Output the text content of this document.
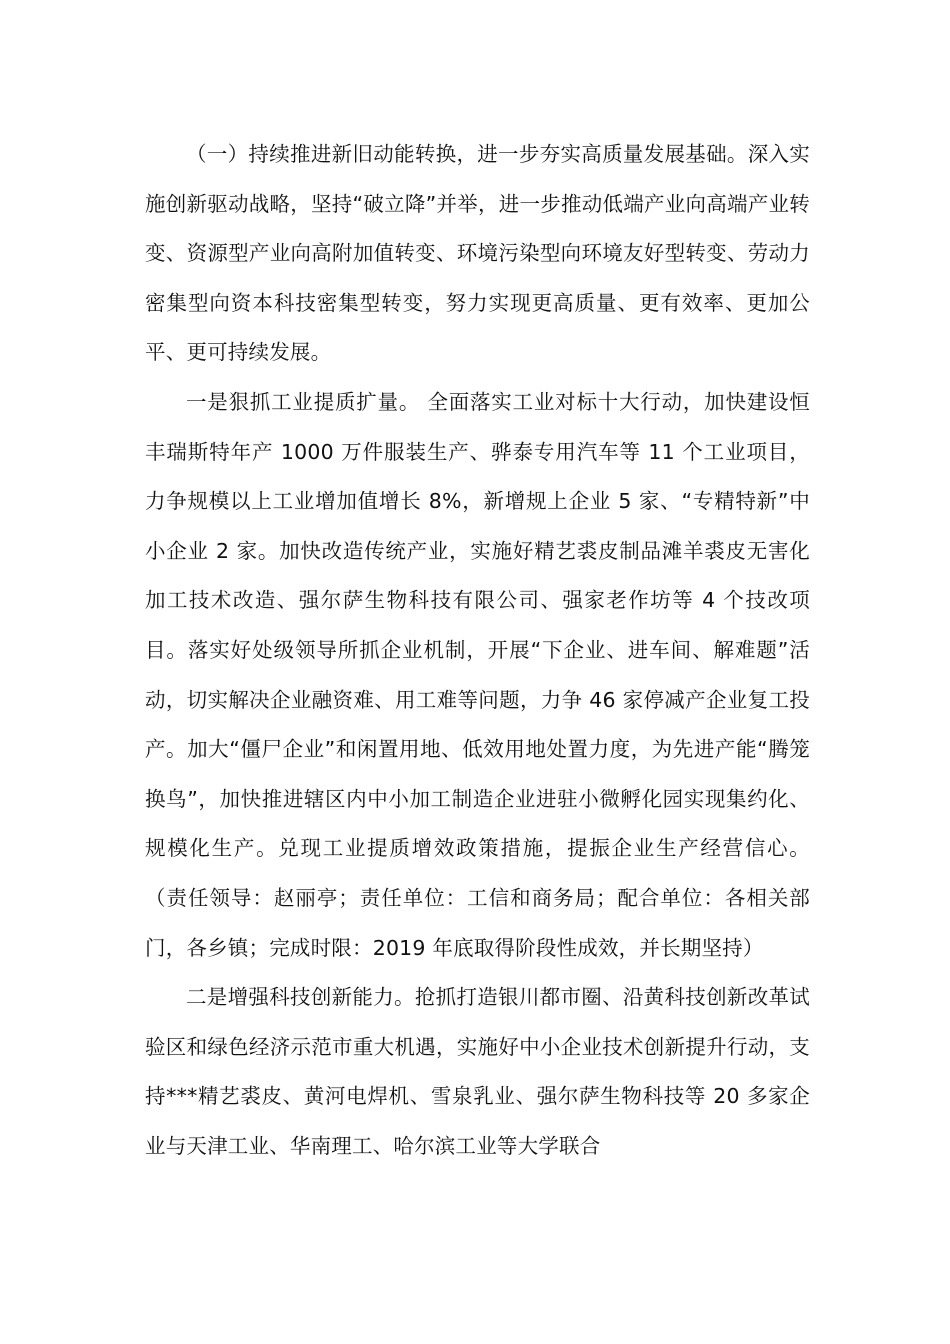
（一）持续推进新旧动能转换，进一步夯实高质量发展基础。深入实施创新驱动战略，坚持“破立降”并举，进一步推动低端产业向高端产业转变、资源型产业向高附加值转变、环境污染型向环境友好型转变、劳动力密集型向资本科技密集型转变，努力实现更高质量、更有效率、更加公平、更可持续发展。

一是狠抓工业提质扩量。 全面落实工业对标十大行动，加快建设恒丰瑞斯特年产 1000 万件服装生产、骅泰专用汽车等 11 个工业项目，力争规模以上工业增加值增长 8%，新增规上企业 5 家、“专精特新”中小企业 2 家。加快改造传统产业，实施好精艺裘皮制品滩羊裘皮无害化加工技术改造、强尔萨生物科技有限公司、强家老作坊等 4 个技改项目。落实好处级领导所抓企业机制，开展“下企业、进车间、解难题”活动，切实解决企业融资难、用工难等问题，力争 46 家停减产企业复工投产。加大“僵尸企业”和闲置用地、低效用地处置力度，为先进产能“腾笼换鸟”，加快推进辖区内中小加工制造企业进驻小微孵化园实现集约化、规模化生产。兑现工业提质增效政策措施，提振企业生产经营信心。 （责任领导：赵丽亭；责任单位：工信和商务局；配合单位：各相关部门，各乡镇；完成时限：2019 年底取得阶段性成效，并长期坚持）

二是增强科技创新能力。抢抓打造银川都市圈、沿黄科技创新改革试验区和绿色经济示范市重大机遇，实施好中小企业技术创新提升行动，支持***精艺裘皮、黄河电焊机、雪泉乳业、强尔萨生物科技等 20 多家企业与天津工业、华南理工、哈尔滨工业等大学联合
